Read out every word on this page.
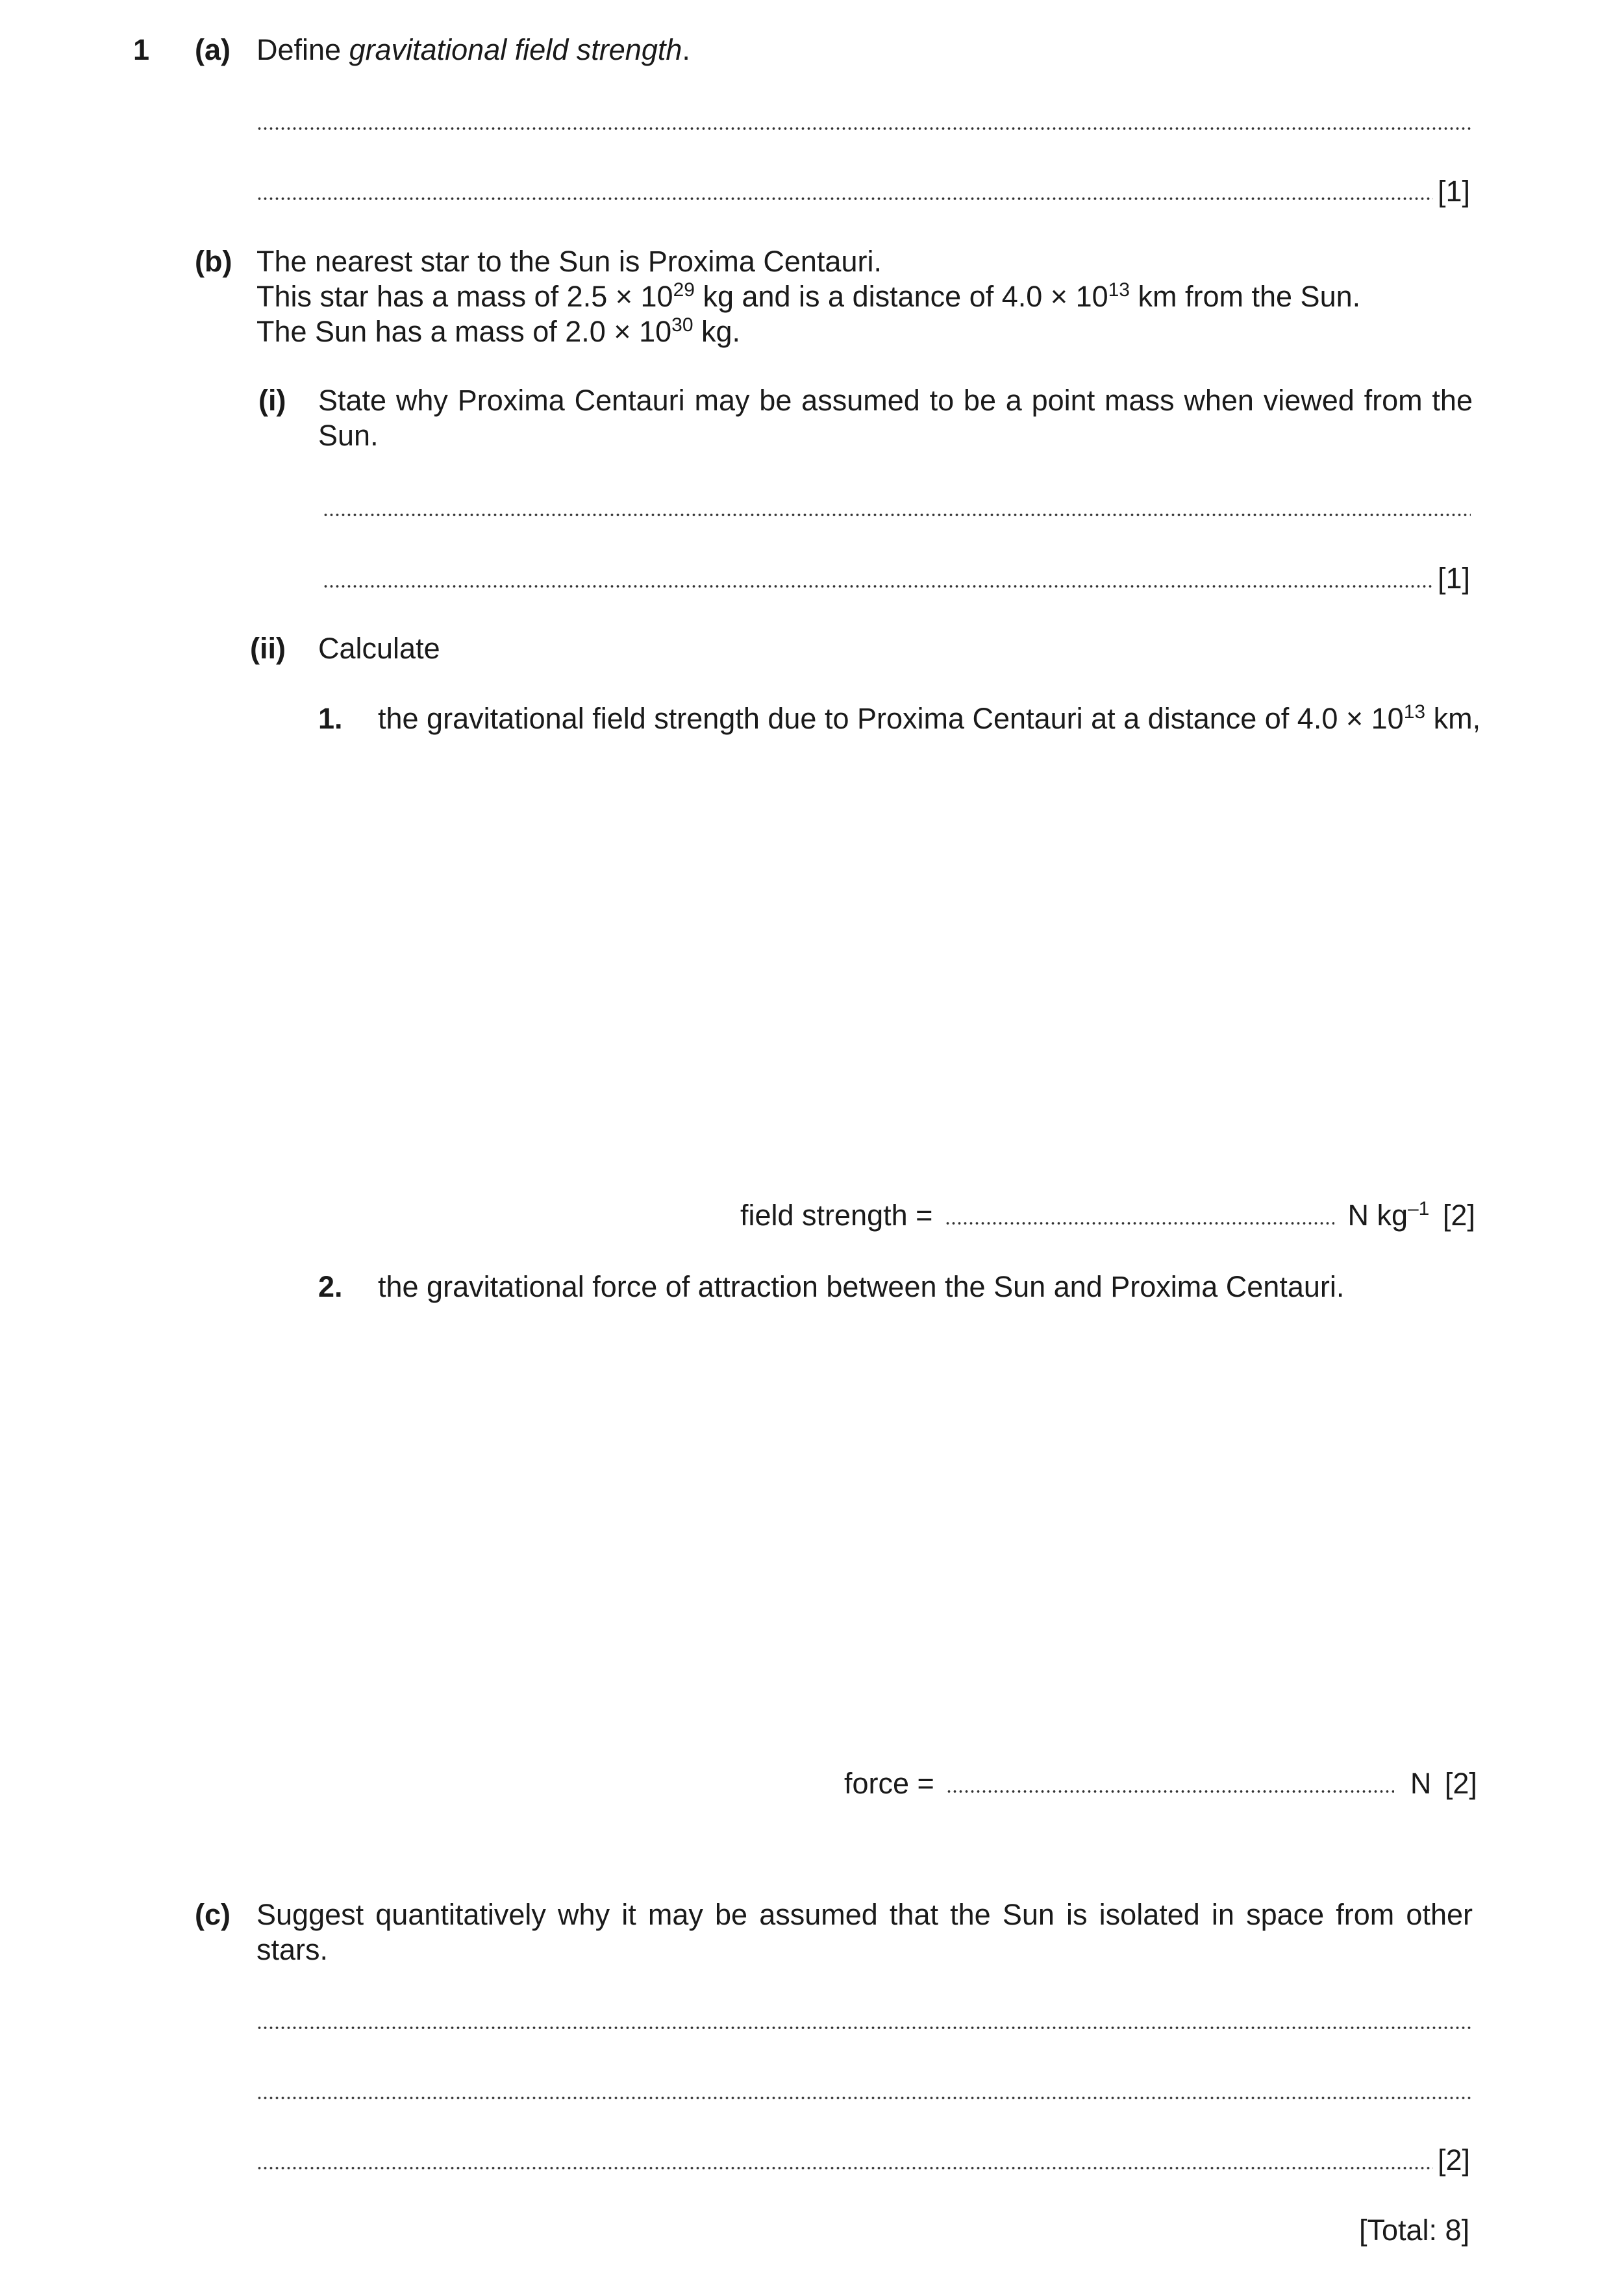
1 (a) Define gravitational field strength.
[1]
(b) The nearest star to the Sun is Proxima Centauri.
This star has a mass of $2.5 \times 10^{29}$ kg and is a distance of $4.0 \times 10^{13}$ km from the Sun.
The Sun has a mass of $2.0 \times 10^{30}$ kg.
(i) State why Proxima Centauri may be assumed to be a point mass when viewed from the Sun.
[1]
(ii) Calculate
1. the gravitational field strength due to Proxima Centauri at a distance of $4.0 \times 10^{13}$ km,
field strength =	N $kg^{-1}$ [2]
2. the gravitational force of attraction between the Sun and Proxima Centauri.
force =	N [2]
(c) Suggest quantitatively why it may be assumed that the Sun is isolated in space from other stars.
[2]
[Total: 8]
